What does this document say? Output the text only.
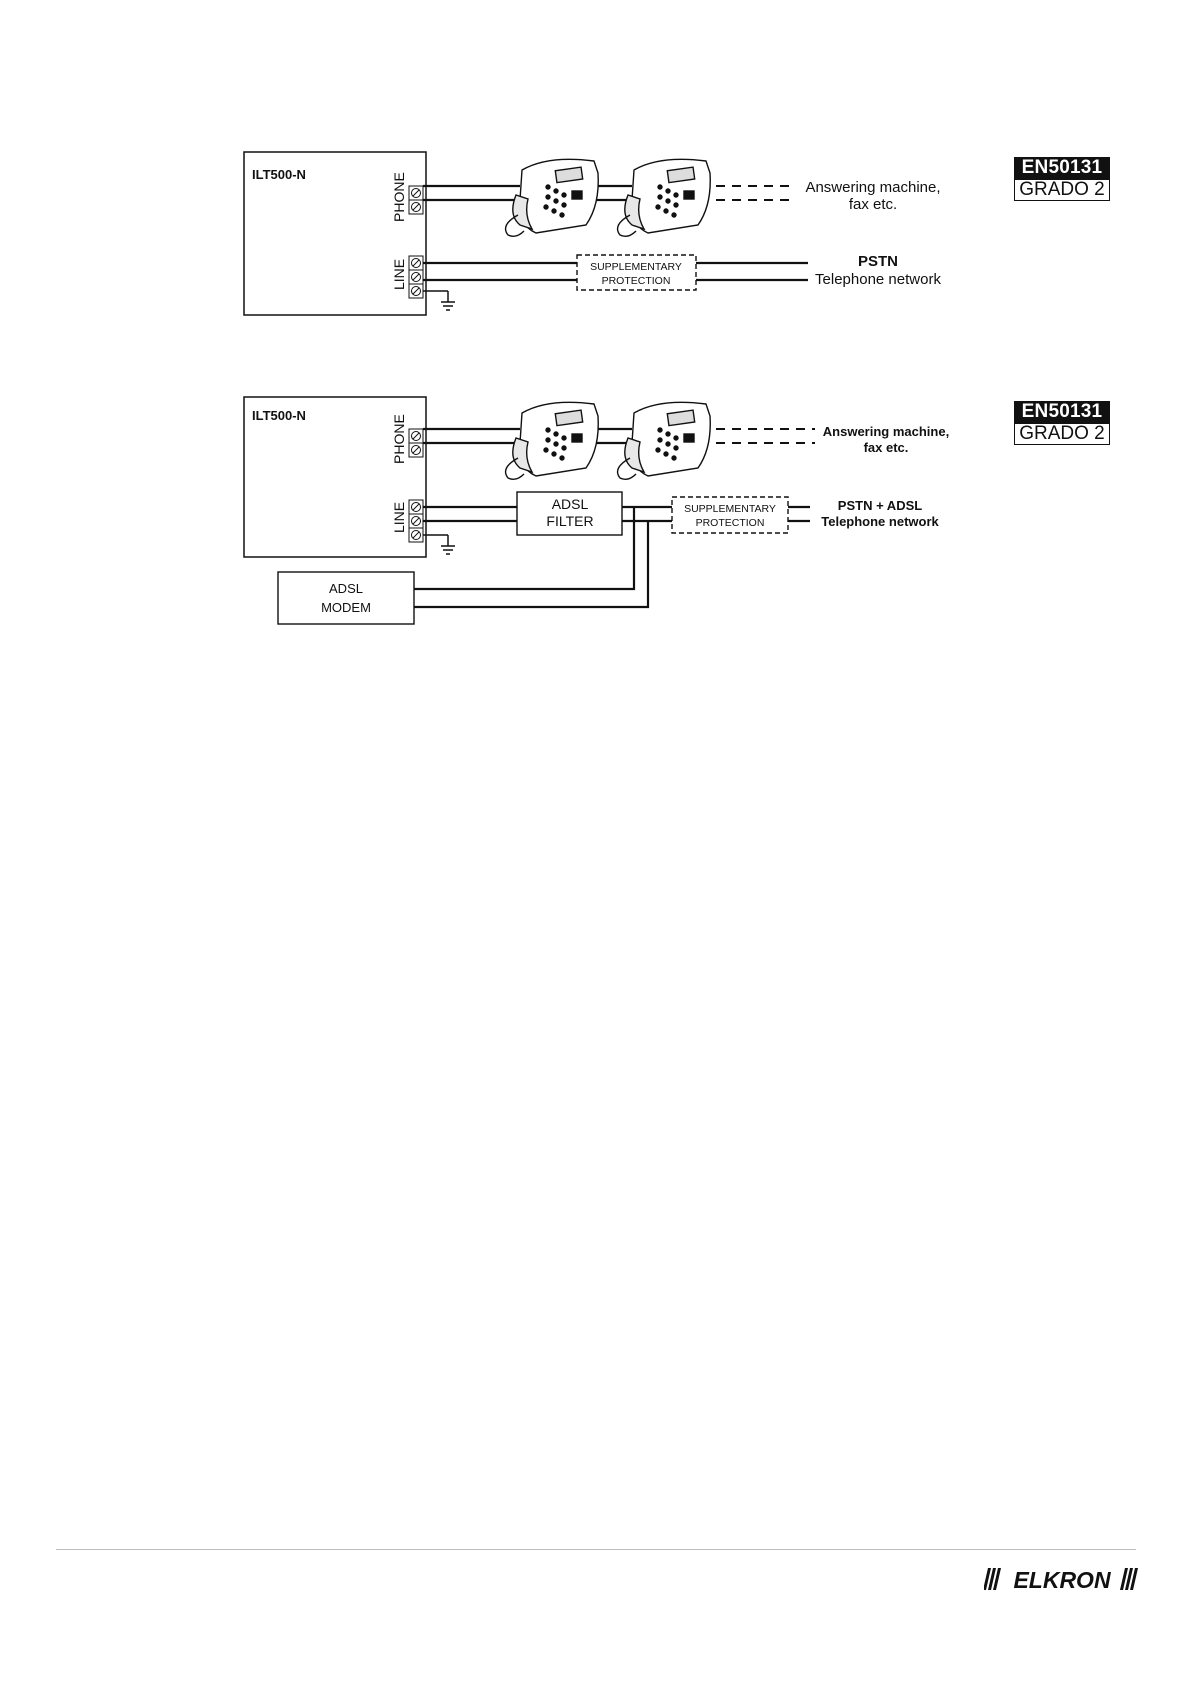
ILT500-N	PHONE
LINE
Answering machine,
fax etc.
SUPPLEMENTARY
PROTECTION
PSTN
Telephone network
EN50131
GRADO 2
ILT500-N	PHONE
LINE
Answering machine,
fax etc.
ADSL
FILTER
SUPPLEMENTARY
PROTECTION
PSTN + ADSL
Telephone network
ADSL
MODEM
EN50131
GRADO 2
ELKRON
